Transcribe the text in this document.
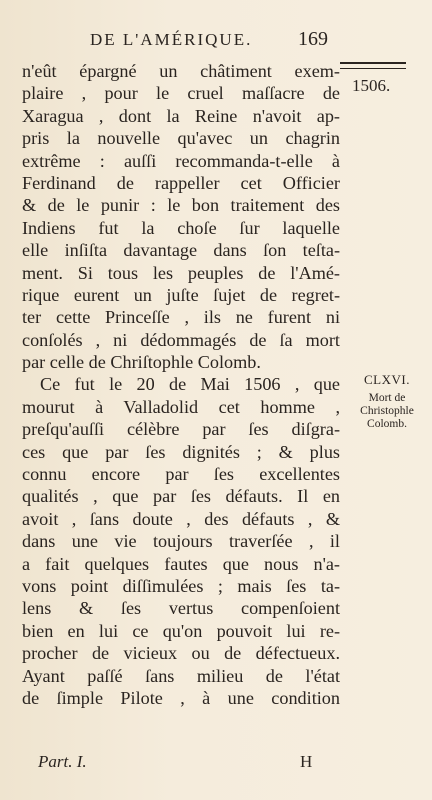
DE L'AMÉRIQUE.	169
1506.
n'eût épargné un châtiment exem-
plaire , pour le cruel maſſacre de
Xaragua , dont la Reine n'avoit ap-
pris la nouvelle qu'avec un chagrin
extrême : auſſi recommanda-t-elle à
Ferdinand de rappeller cet Officier
& de le punir : le bon traitement des
Indiens fut la choſe ſur laquelle
elle inſiſta davantage dans ſon teſta-
ment. Si tous les peuples de l'Amé-
rique eurent un juſte ſujet de regret-
ter cette Princeſſe , ils ne furent ni
conſolés , ni dédommagés de ſa mort
par celle de Chriſtophle Colomb.
Ce fut le 20 de Mai 1506 , que
mourut à Valladolid cet homme ,
preſqu'auſſi célèbre par ſes diſgra-
ces que par ſes dignités ; & plus
connu encore par ſes excellentes
qualités , que par ſes défauts. Il en
avoit , ſans doute , des défauts , &
dans une vie toujours traverſée , il
a fait quelques fautes que nous n'a-
vons point diſſimulées ; mais ſes ta-
lens & ſes vertus compenſoient
bien en lui ce qu'on pouvoit lui re-
procher de vicieux ou de défectueux.
Ayant paſſé ſans milieu de l'état
de ſimple Pilote , à une condition
CLXVI.
Mort de
Christophle
Colomb.
Part. I.	H
